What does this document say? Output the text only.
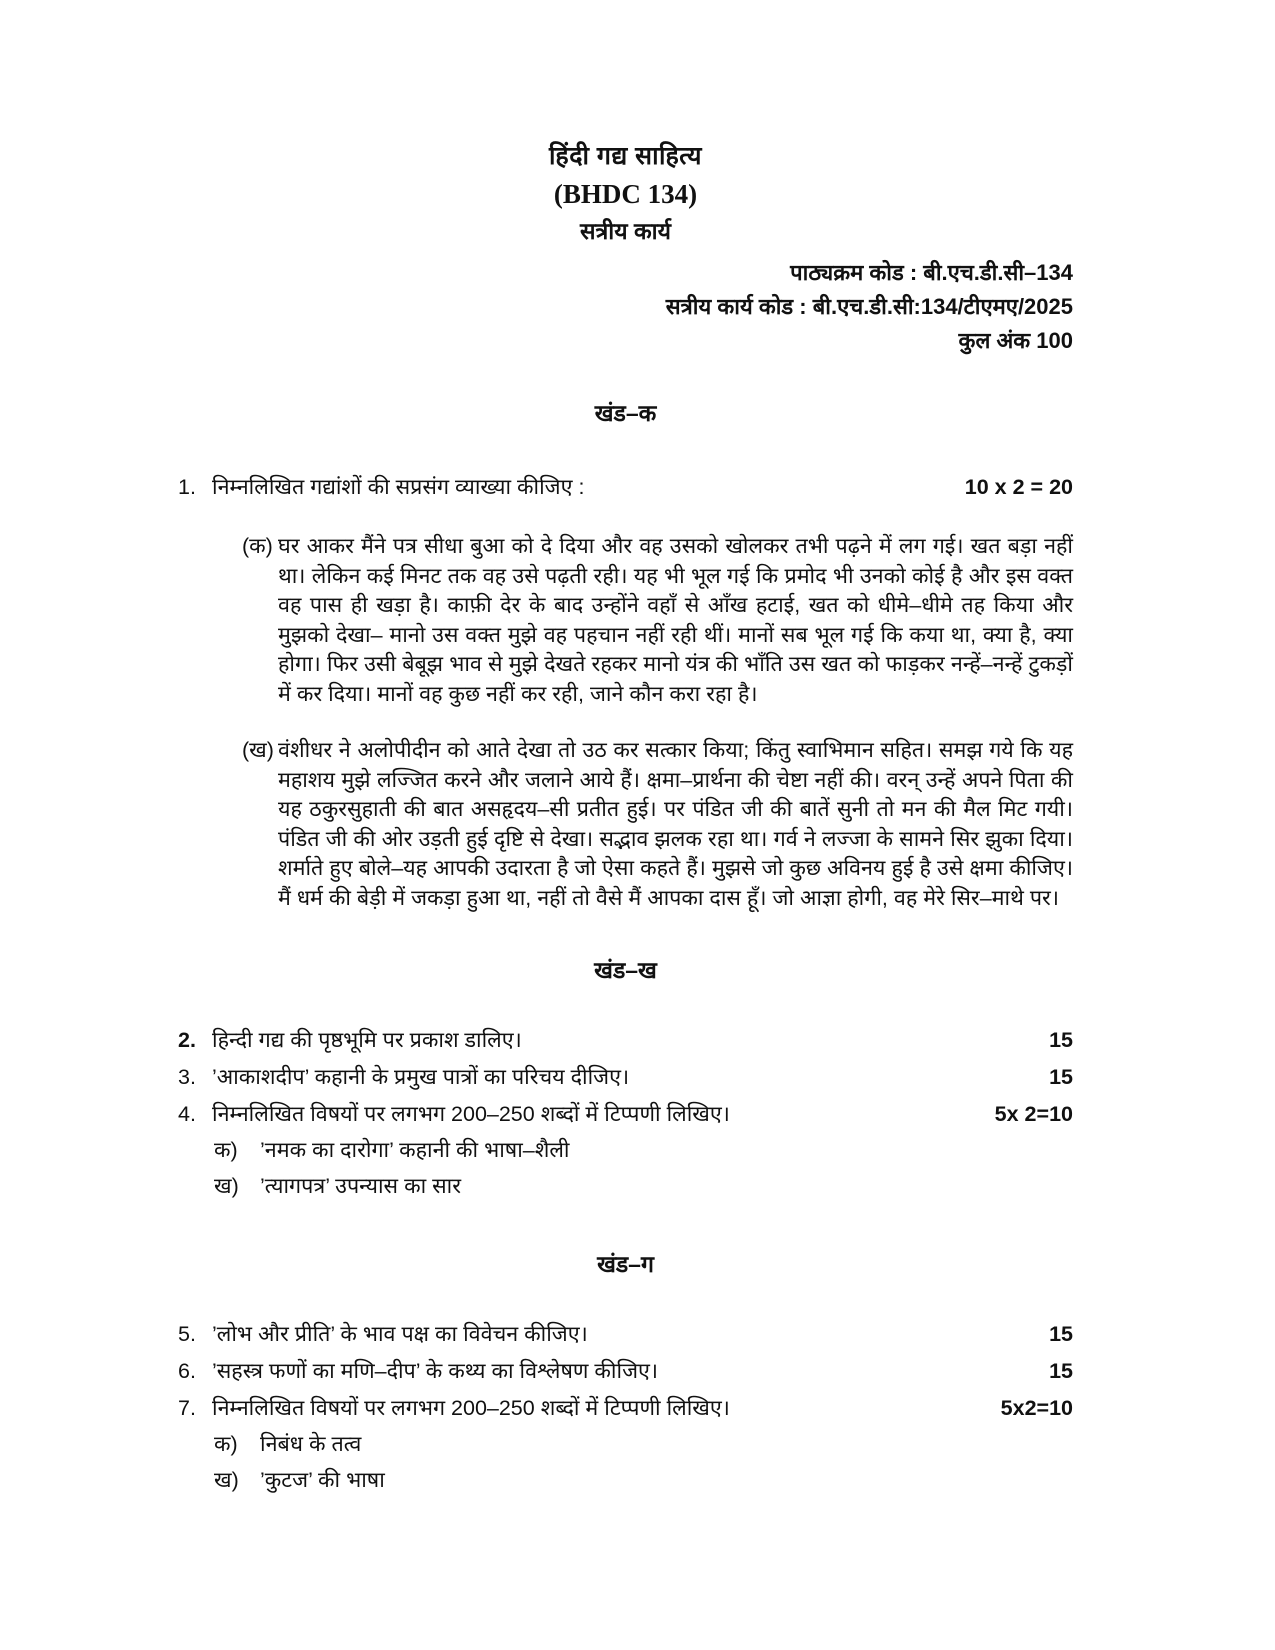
हिंदी गद्य साहित्य
(BHDC 134)
सत्रीय कार्य
पाठ्यक्रम कोड : बी.एच.डी.सी–134
सत्रीय कार्य कोड : बी.एच.डी.सी:134/टीएमए/2025
कुल अंक 100
खंड–क
1. निम्नलिखित गद्यांशों की सप्रसंग व्याख्या कीजिए :	10 x 2 = 20
(क) घर आकर मैंने पत्र सीधा बुआ को दे दिया और वह उसको खोलकर तभी पढ़ने में लग गई। खत बड़ा नहीं था। लेकिन कई मिनट तक वह उसे पढ़ती रही। यह भी भूल गई कि प्रमोद भी उनको कोई है और इस वक्त वह पास ही खड़ा है। काफ़ी देर के बाद उन्होंने वहाँ से आँख हटाई, खत को धीमे–धीमे तह किया और मुझको देखा– मानो उस वक्त मुझे वह पहचान नहीं रही थीं। मानों सब भूल गई कि कया था, क्या है, क्या होगा। फिर उसी बेबूझ भाव से मुझे देखते रहकर मानो यंत्र की भाँति उस खत को फाड़कर नन्हें–नन्हें टुकड़ों में कर दिया। मानों वह कुछ नहीं कर रही, जाने कौन करा रहा है।
(ख) वंशीधर ने अलोपीदीन को आते देखा तो उठ कर सत्कार किया; किंतु स्वाभिमान सहित। समझ गये कि यह महाशय मुझे लज्जित करने और जलाने आये हैं। क्षमा–प्रार्थना की चेष्टा नहीं की। वरन् उन्हें अपने पिता की यह ठकुरसुहाती की बात असहृदय–सी प्रतीत हुई। पर पंडित जी की बातें सुनी तो मन की मैल मिट गयी। पंडित जी की ओर उड़ती हुई दृष्टि से देखा। सद्भाव झलक रहा था। गर्व ने लज्जा के सामने सिर झुका दिया। शर्माते हुए बोले–यह आपकी उदारता है जो ऐसा कहते हैं। मुझसे जो कुछ अविनय हुई है उसे क्षमा कीजिए। मैं धर्म की बेड़ी में जकड़ा हुआ था, नहीं तो वैसे मैं आपका दास हूँ। जो आज्ञा होगी, वह मेरे सिर–माथे पर।
खंड–ख
2. हिन्दी गद्य की पृष्ठभूमि पर प्रकाश डालिए।	15
3. ’आकाशदीप’ कहानी के प्रमुख पात्रों का परिचय दीजिए।	15
4. निम्नलिखित विषयों पर लगभग 200–250 शब्दों में टिप्पणी लिखिए।	5x 2=10
क)	’नमक का दारोगा’ कहानी की भाषा–शैली
ख) ’त्यागपत्र’ उपन्यास का सार
खंड–ग
5. ’लोभ और प्रीति’ के भाव पक्ष का विवेचन कीजिए।	15
6. ’सहस्त्र फणों का मणि–दीप’ के कथ्य का विश्लेषण कीजिए।	15
7. निम्नलिखित विषयों पर लगभग 200–250 शब्दों में टिप्पणी लिखिए।	5x2=10
क)	निबंध के तत्व
ख) ’कुटज’ की भाषा
